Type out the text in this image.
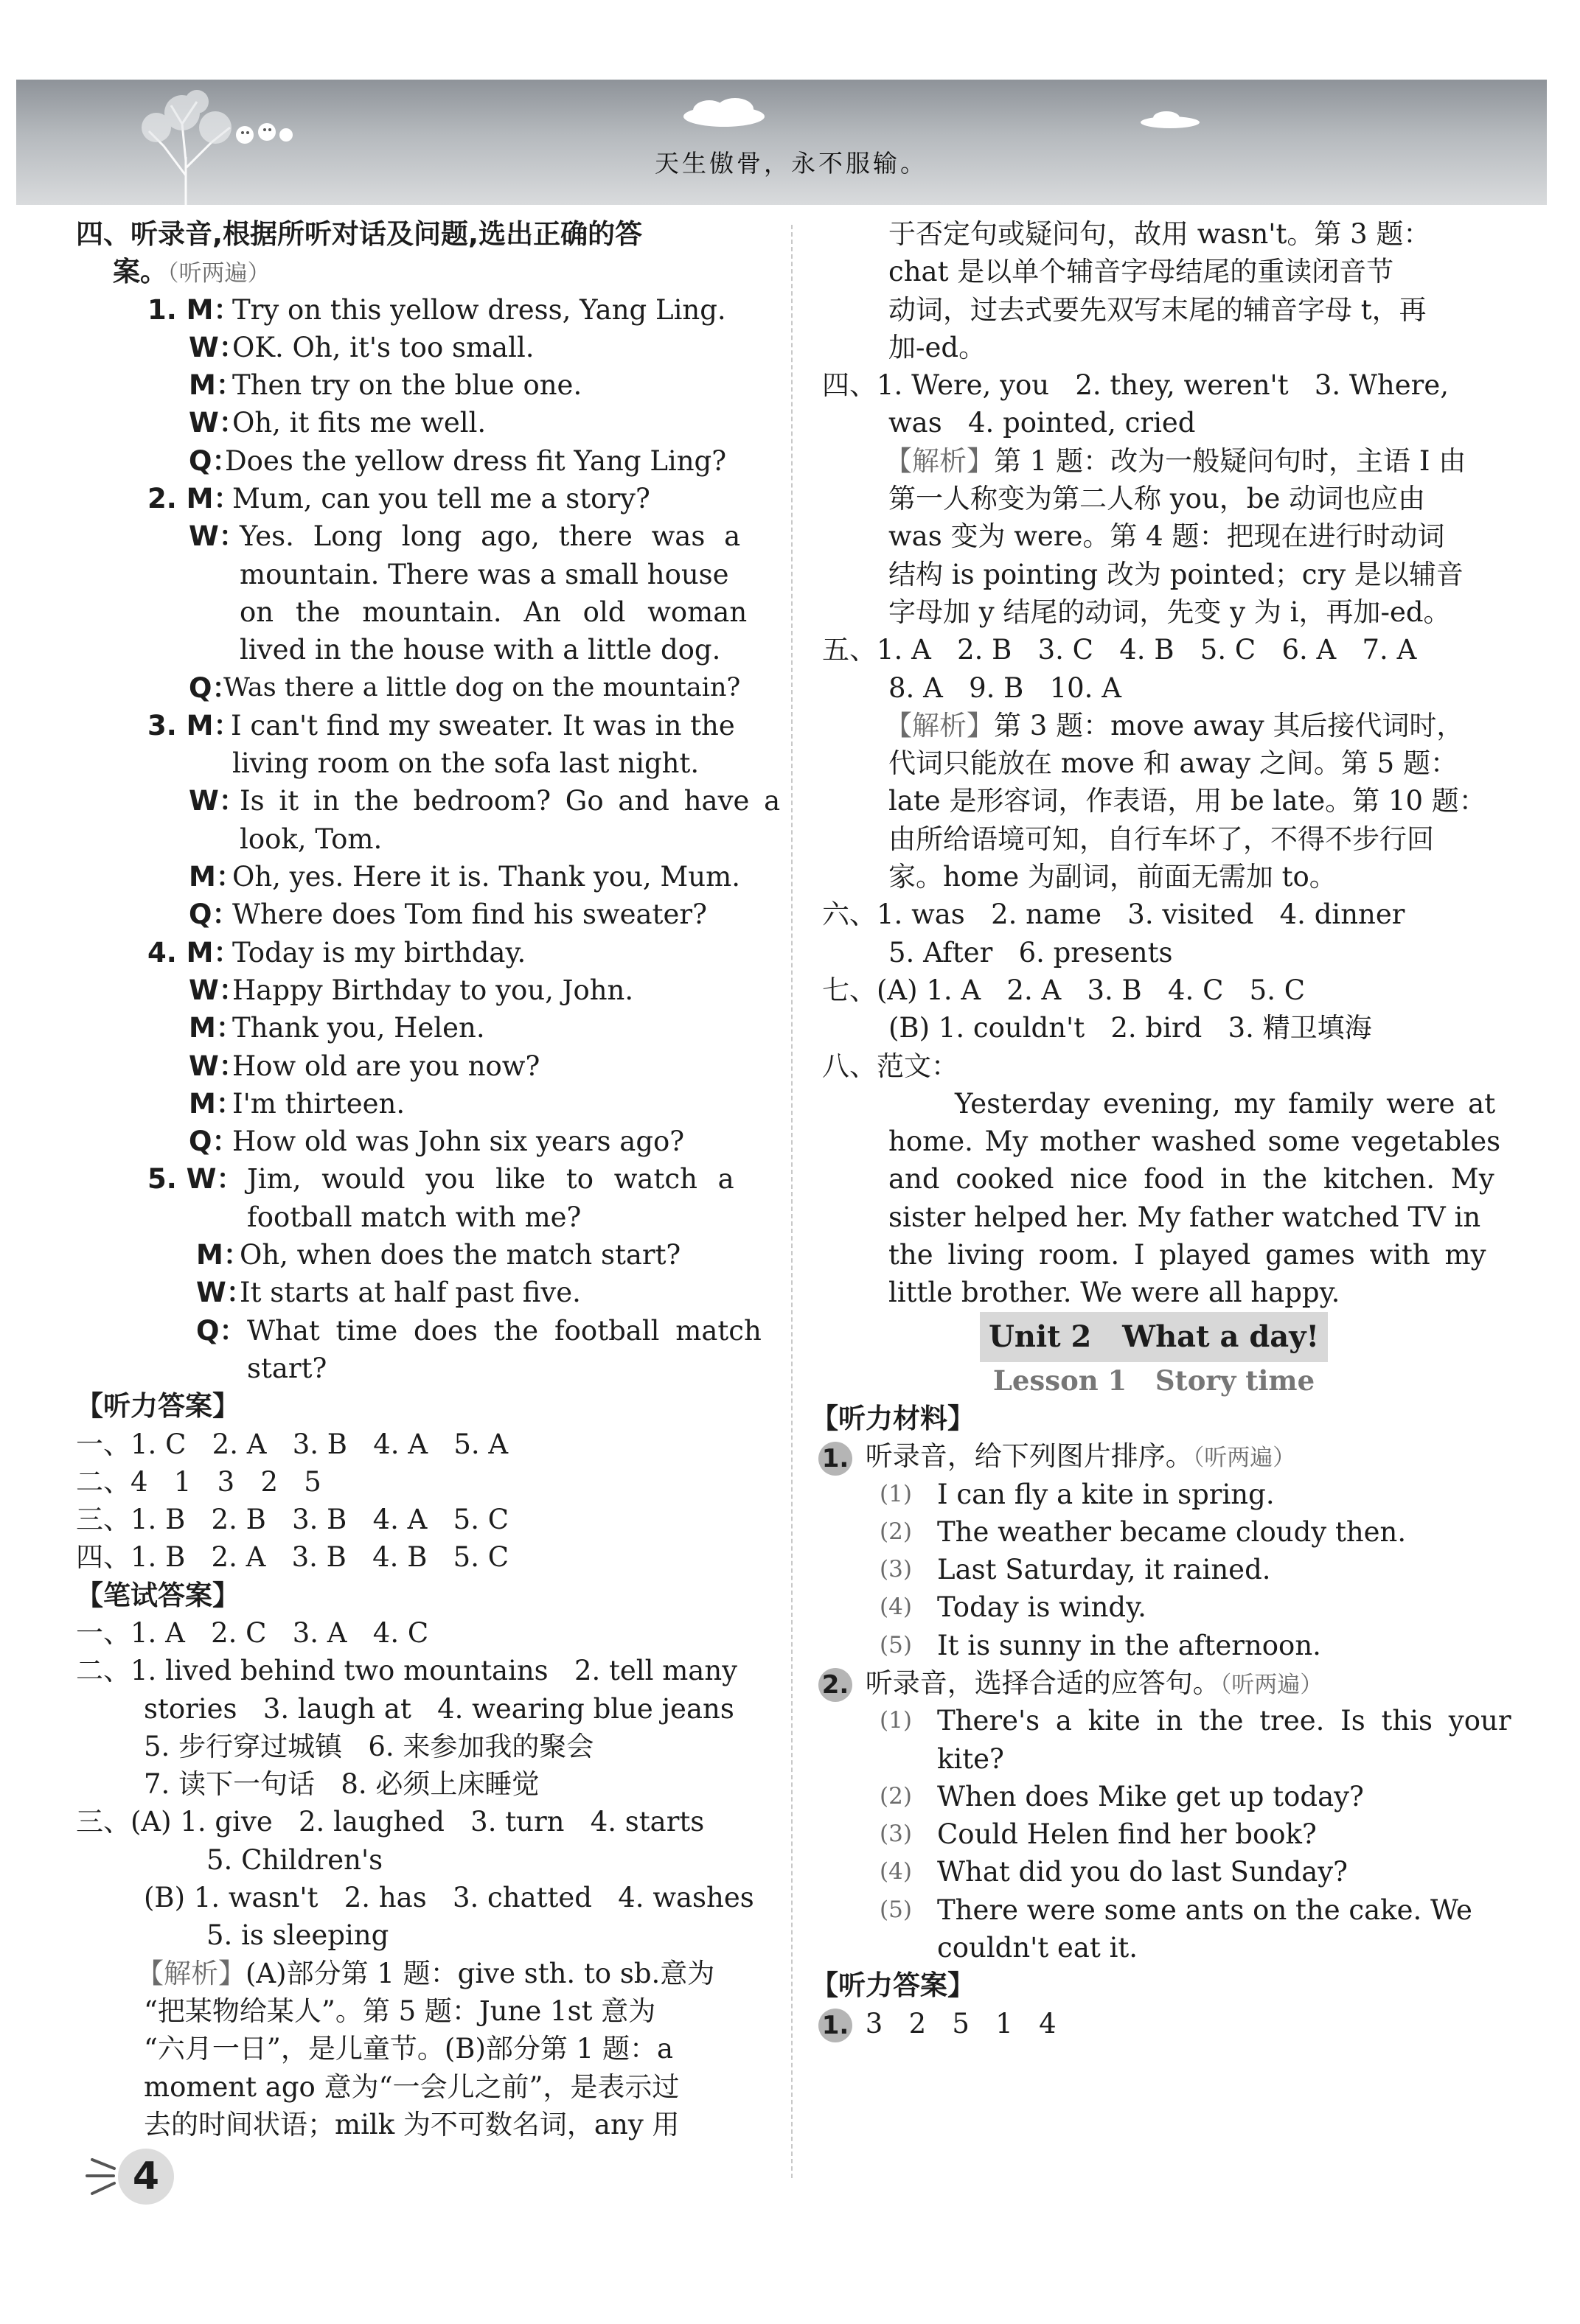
天生傲骨，永不服输。
四、听录音,根据所听对话及问题,选出正确的答
案。（听两遍）
1. M：
Try on this yellow dress, Yang Ling.
W：
OK. Oh, it's too small.
M：
Then try on the blue one.
W：
Oh, it fits me well.
Q：
Does the yellow dress fit Yang Ling?
2. M：
Mum, can you tell me a story?
W：
Yes. Long long ago, there was a
mountain. There was a small house
on the mountain. An old woman
lived in the house with a little dog.
Q：
Was there a little dog on the mountain?
3. M：
I can't find my sweater. It was in the
living room on the sofa last night.
W：
Is it in the bedroom? Go and have a
look, Tom.
M：
Oh, yes. Here it is. Thank you, Mum.
Q：
Where does Tom find his sweater?
4. M：
Today is my birthday.
W：
Happy Birthday to you, John.
M：
Thank you, Helen.
W：
How old are you now?
M：
I'm thirteen.
Q：
How old was John six years ago?
5. W： Jim, would you like to watch a
football match with me?
M：
Oh, when does the match start?
W：
It starts at half past five.
Q： What time does the football match
start?
【听力答案】
一、1. C   2. A   3. B   4. A   5. A
二、4   1   3   2   5
三、1. B   2. B   3. B   4. A   5. C
四、1. B   2. A   3. B   4. B   5. C
【笔试答案】
一、1. A   2. C   3. A   4. C
二、1. lived behind two mountains   2. tell many
stories   3. laugh at   4. wearing blue jeans
5. 步行穿过城镇   6. 来参加我的聚会
7. 读下一句话   8. 必须上床睡觉
三、(A) 1. give   2. laughed   3. turn   4. starts
5. Children's
(B) 1. wasn't   2. has   3. chatted   4. washes
5. is sleeping
【解析】(A)部分第 1 题：give sth. to sb.意为
“把某物给某人”。第 5 题：June 1st 意为
“六月一日”，是儿童节。(B)部分第 1 题：a
moment ago 意为“一会儿之前”，是表示过
去的时间状语；milk 为不可数名词，any 用
于否定句或疑问句，故用 wasn't。第 3 题：
chat 是以单个辅音字母结尾的重读闭音节
动词，过去式要先双写末尾的辅音字母 t，再
加-ed。
四、1. Were, you   2. they, weren't   3. Where,
was   4. pointed, cried
【解析】第 1 题：改为一般疑问句时，主语 I 由
第一人称变为第二人称 you，be 动词也应由
was 变为 were。第 4 题：把现在进行时动词
结构 is pointing 改为 pointed；cry 是以辅音
字母加 y 结尾的动词，先变 y 为 i，再加-ed。
五、1. A   2. B   3. C   4. B   5. C   6. A   7. A
8. A   9. B   10. A
【解析】第 3 题：move away 其后接代词时，
代词只能放在 move 和 away 之间。第 5 题：
late 是形容词，作表语，用 be late。第 10 题：
由所给语境可知，自行车坏了，不得不步行回
家。home 为副词，前面无需加 to。
六、1. was   2. name   3. visited   4. dinner
5. After   6. presents
七、(A) 1. A   2. A   3. B   4. C   5. C
(B) 1. couldn't   2. bird   3. 精卫填海
八、范文：
Yesterday evening, my family were at
home. My mother washed some vegetables
and cooked nice food in the kitchen. My
sister helped her. My father watched TV in
the living room. I played games with my
little brother. We were all happy.
Unit 2   What a day!
Lesson 1   Story time
【听力材料】
1. 听录音，给下列图片排序。（听两遍）
(1) I can fly a kite in spring.
(2) The weather became cloudy then.
(3) Last Saturday, it rained.
(4) Today is windy.
(5) It is sunny in the afternoon.
2. 听录音，选择合适的应答句。（听两遍）
(1) There's a kite in the tree. Is this your
kite?
(2) When does Mike get up today?
(3) Could Helen find her book?
(4) What did you do last Sunday?
(5) There were some ants on the cake. We
couldn't eat it.
【听力答案】
1. 3   2   5   1   4
4
